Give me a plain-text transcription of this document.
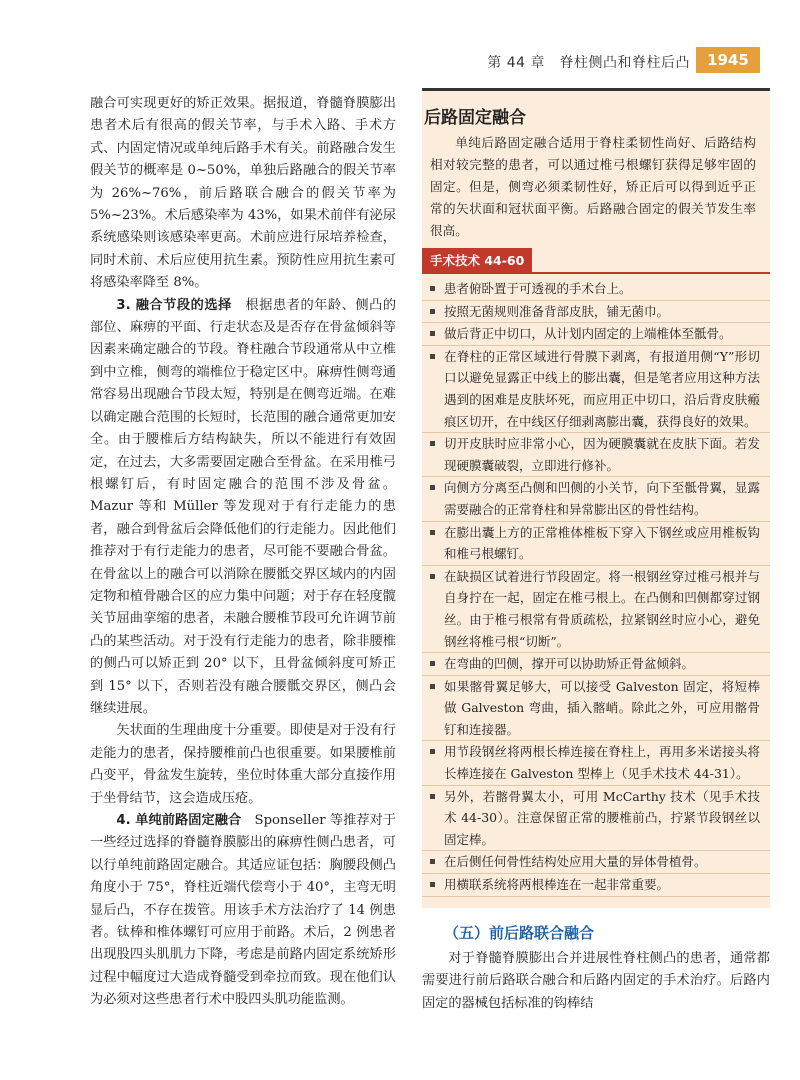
第 44 章　脊柱侧凸和脊柱后凸	1945

融合可实现更好的矫正效果。据报道，脊髓脊膜膨出患者术后有很高的假关节率，与手术入路、手术方式、内固定情况或单纯后路手术有关。前路融合发生假关节的概率是 0~50%，单独后路融合的假关节率为 26%~76%，前后路联合融合的假关节率为 5%~23%。术后感染率为 43%，如果术前伴有泌尿系统感染则该感染率更高。术前应进行尿培养检查，同时术前、术后应使用抗生素。预防性应用抗生素可将感染率降至 8%。

3. 融合节段的选择　 根据患者的年龄、侧凸的部位、麻痹的平面、行走状态及是否存在骨盆倾斜等因素来确定融合的节段。脊柱融合节段通常从中立椎到中立椎，侧弯的端椎位于稳定区中。麻痹性侧弯通常容易出现融合节段太短，特别是在侧弯近端。在难以确定融合范围的长短时，长范围的融合通常更加安全。由于腰椎后方结构缺失，所以不能进行有效固定，在过去，大多需要固定融合至骨盆。在采用椎弓根螺钉后，有时固定融合的范围不涉及骨盆。Mazur 等和 Müller 等发现对于有行走能力的患者，融合到骨盆后会降低他们的行走能力。因此他们推荐对于有行走能力的患者，尽可能不要融合骨盆。在骨盆以上的融合可以消除在腰骶交界区域内的内固定物和植骨融合区的应力集中问题；对于存在轻度髋关节屈曲挛缩的患者，未融合腰椎节段可允许调节前凸的某些活动。对于没有行走能力的患者，除非腰椎的侧凸可以矫正到 20° 以下，且骨盆倾斜度可矫正到 15° 以下，否则若没有融合腰骶交界区，侧凸会继续进展。

矢状面的生理曲度十分重要。即使是对于没有行走能力的患者，保持腰椎前凸也很重要。如果腰椎前凸变平，骨盆发生旋转，坐位时体重大部分直接作用于坐骨结节，这会造成压疮。

4. 单纯前路固定融合　 Sponseller 等推荐对于一些经过选择的脊髓脊膜膨出的麻痹性侧凸患者，可以行单纯前路固定融合。其适应证包括：胸腰段侧凸角度小于 75°，脊柱近端代偿弯小于 40°，主弯无明显后凸，不存在拨管。用该手术方法治疗了 14 例患者。钛棒和椎体螺钉可应用于前路。术后，2 例患者出现股四头肌肌力下降，考虑是前路内固定系统矫形过程中幅度过大造成脊髓受到牵拉而致。现在他们认为必须对这些患者行术中股四头肌功能监测。

后路固定融合
单纯后路固定融合适用于脊柱柔韧性尚好、后路结构相对较完整的患者，可以通过椎弓根螺钉获得足够牢固的固定。但是，侧弯必须柔韧性好，矫正后可以得到近乎正常的矢状面和冠状面平衡。后路融合固定的假关节发生率很高。
手术技术 44-60
患者俯卧置于可透视的手术台上。
按照无菌规则准备背部皮肤，铺无菌巾。
做后背正中切口，从计划内固定的上端椎体至骶骨。
在脊柱的正常区域进行骨膜下剥离，有报道用侧“Y”形切口以避免显露正中线上的膨出囊，但是笔者应用这种方法遇到的困难是皮肤坏死，而应用正中切口，沿后背皮肤瘢痕区切开，在中线区仔细剥离膨出囊，获得良好的效果。
切开皮肤时应非常小心，因为硬膜囊就在皮肤下面。若发现硬膜囊破裂，立即进行修补。
向侧方分离至凸侧和凹侧的小关节，向下至骶骨翼，显露需要融合的正常脊柱和异常膨出区的骨性结构。
在膨出囊上方的正常椎体椎板下穿入下钢丝或应用椎板钩和椎弓根螺钉。
在缺损区试着进行节段固定。将一根钢丝穿过椎弓根并与自身拧在一起，固定在椎弓根上。在凸侧和凹侧都穿过钢丝。由于椎弓根常有骨质疏松，拉紧钢丝时应小心，避免钢丝将椎弓根“切断”。
在弯曲的凹侧，撑开可以协助矫正骨盆倾斜。
如果髂骨翼足够大，可以接受 Galveston 固定，将短棒做 Galveston 弯曲，插入髂峭。除此之外，可应用髂骨钉和连接器。
用节段钢丝将两根长棒连接在脊柱上，再用多米诺接头将长棒连接在 Galveston 型棒上（见手术技术 44-31）。
另外，若髂骨翼太小，可用 McCarthy 技术（见手术技术 44-30）。注意保留正常的腰椎前凸，拧紧节段钢丝以固定棒。
在后侧任何骨性结构处应用大量的异体骨植骨。
用横联系统将两根棒连在一起非常重要。
（五）前后路联合融合
对于脊髓脊膜膨出合并进展性脊柱侧凸的患者，通常都需要进行前后路联合融合和后路内固定的手术治疗。后路内固定的器械包括标准的钩棒结
